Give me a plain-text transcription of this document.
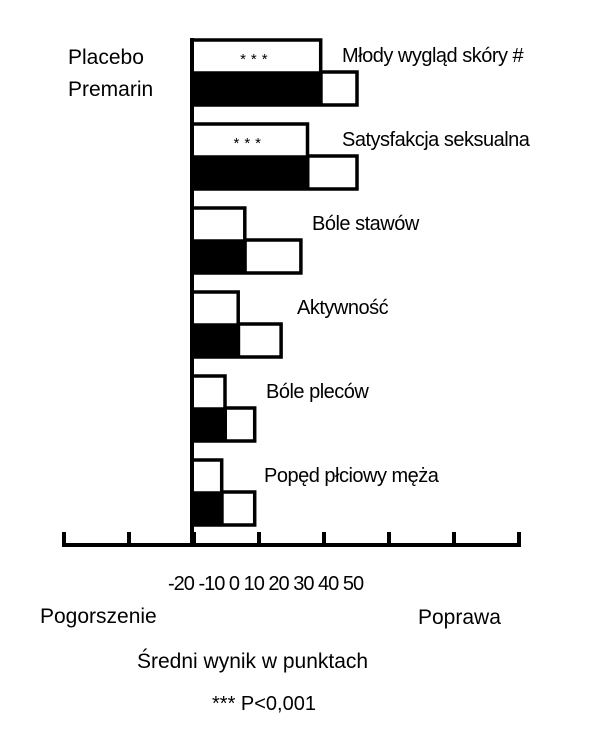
Placebo
Premarin
***
***
Młody wygląd skóry #
Satysfakcja seksualna
Bóle stawów
Aktywność
Bóle pleców
Popęd płciowy męża
-20 -10 0 10 20 30 40 50
Pogorszenie	Poprawa
Średni wynik w punktach
*** P<0,001
